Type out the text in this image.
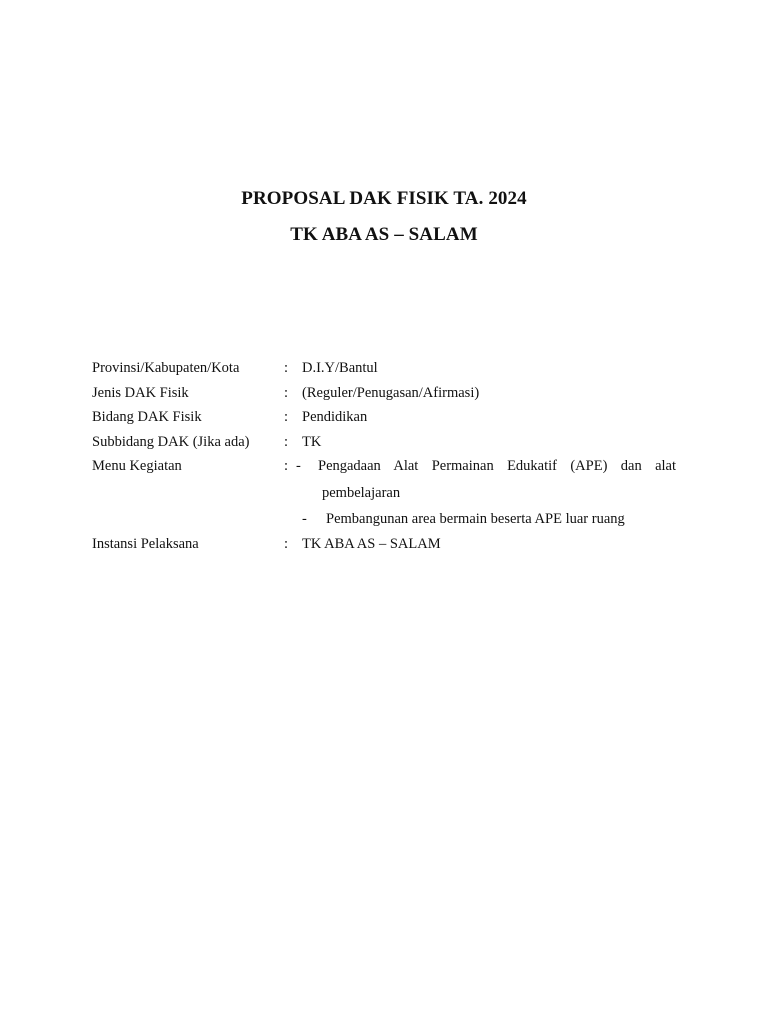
PROPOSAL DAK FISIK TA. 2024
TK ABA AS – SALAM
Provinsi/Kabupaten/Kota	: D.I.Y/Bantul
Jenis DAK Fisik	: (Reguler/Penugasan/Afirmasi)
Bidang DAK Fisik	: Pendidikan
Subbidang DAK (Jika ada)	: TK
Menu Kegiatan	: -	Pengadaan Alat Permainan Edukatif (APE) dan alat
pembelajaran
-	Pembangunan area bermain beserta APE luar ruang
Instansi Pelaksana	: TK ABA AS – SALAM
